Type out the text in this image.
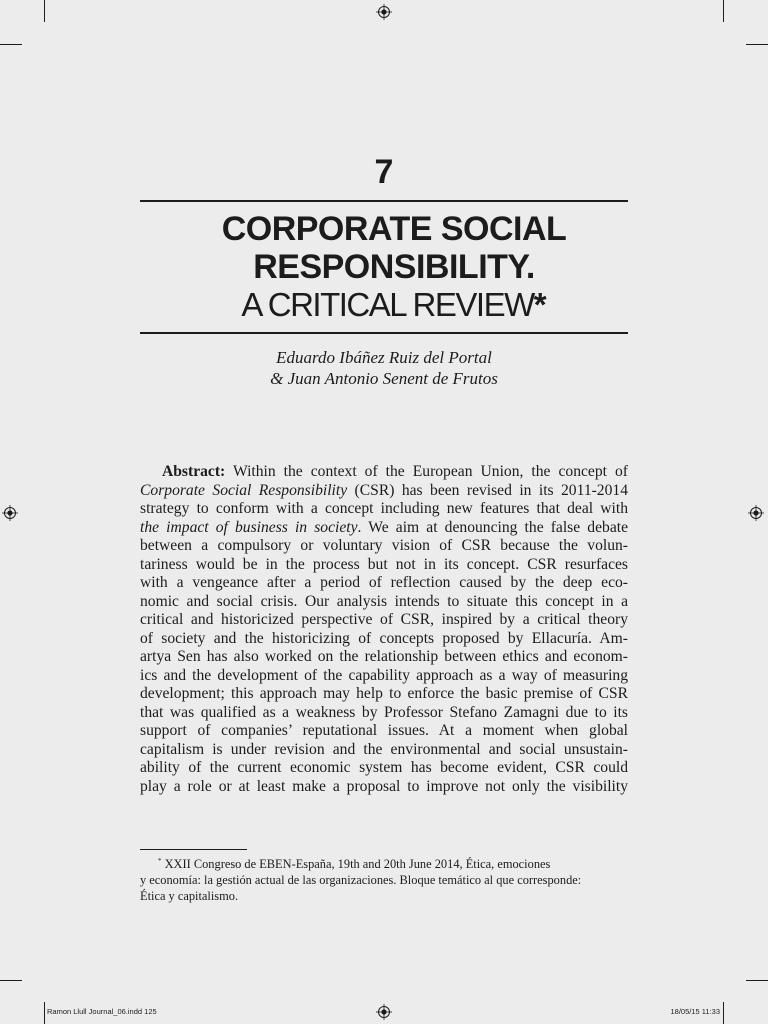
7
CORPORATE SOCIAL
RESPONSIBILITY.
A CRITICAL REVIEW*
Eduardo Ibáñez Ruiz del Portal
& Juan Antonio Senent de Frutos
Abstract: Within the context of the European Union, the concept of
Corporate Social Responsibility (CSR) has been revised in its 2011-2014
strategy to conform with a concept including new features that deal with
the impact of business in society. We aim at denouncing the false debate
between a compulsory or voluntary vision of CSR because the volun-
tariness would be in the process but not in its concept. CSR resurfaces
with a vengeance after a period of reflection caused by the deep eco-
nomic and social crisis. Our analysis intends to situate this concept in a
critical and historicized perspective of CSR, inspired by a critical theory
of society and the historicizing of concepts proposed by Ellacuría. Am-
artya Sen has also worked on the relationship between ethics and econom-
ics and the development of the capability approach as a way of measuring
development; this approach may help to enforce the basic premise of CSR
that was qualified as a weakness by Professor Stefano Zamagni due to its
support of companies’ reputational issues. At a moment when global
capitalism is under revision and the environmental and social unsustain-
ability of the current economic system has become evident, CSR could
play a role or at least make a proposal to improve not only the visibility
* XXII Congreso de EBEN-España, 19th and 20th June 2014, Ética, emociones
y economía: la gestión actual de las organizaciones. Bloque temático al que corresponde:
Ética y capitalismo.
Ramon Llull Journal_06.indd 125	18/05/15 11:33
